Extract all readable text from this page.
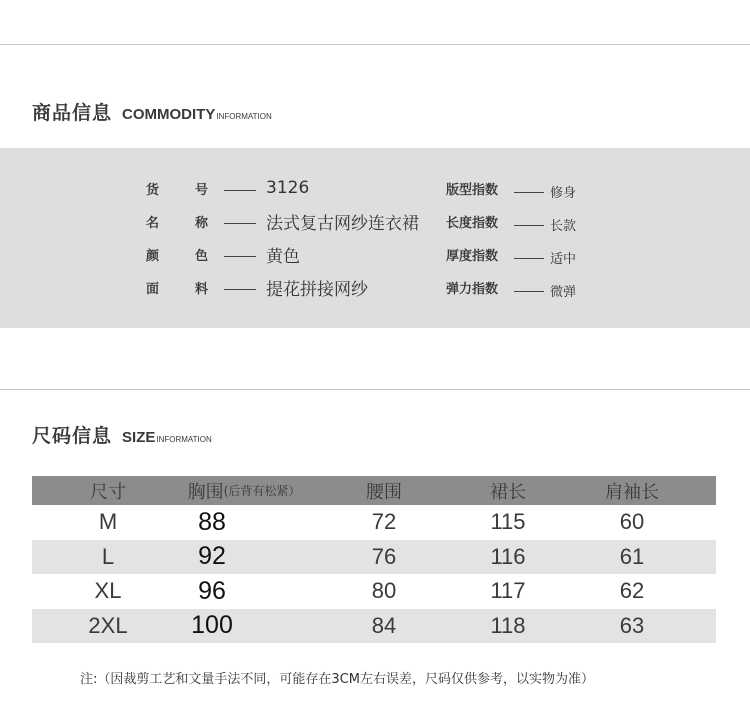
商品信息 COMMODITY INFORMATION
货	号	3126
名	称	法式复古网纱连衣裙
颜	色	黄色
面	料	提花拼接网纱
版型指数	修身
长度指数	长款
厚度指数	适中
弹力指数	微弹
尺码信息 SIZE INFORMATION
尺寸	胸围 (后背有松紧）	腰围	裙长	肩袖长
M	88	72	115	60
L	92	76	116	61
XL	96	80	117	62
2XL	100	84	118	63
注:（因裁剪工艺和文量手法不同，可能存在3CM左右误差，尺码仅供参考，以实物为准）
